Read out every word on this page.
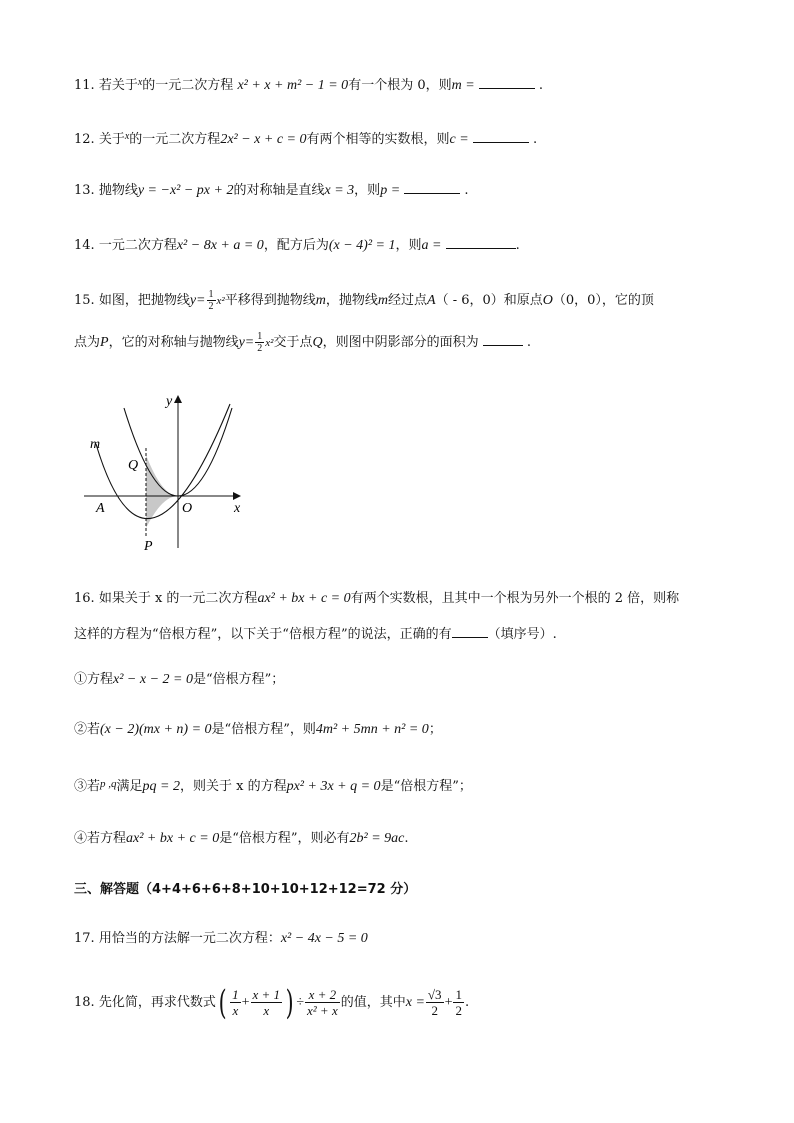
11. 若关于$^x$的一元二次方程 x² + x + m² − 1 = 0有一个根为 0，则m =	.
12. 关于$^x$的一元二次方程2x² − x + c = 0有两个相等的实数根，则c =	.
13. 抛物线y = −x² − px + 2的对称轴是直线x = 3，则p =	.
14. 一元二次方程x² − 8x + a = 0，配方后为(x − 4)² = 1，则a =	.
15. 如图，把抛物线$y= \frac{1}{2} x^2$平移得到抛物线m，抛物线m经过点A（ - 6，0）和原点O（0，0），它的顶
点为P，它的对称轴与抛物线$y= \frac{1}{2} x^2$交于点Q，则图中阴影部分的面积为	.
y
x
m
Q
A	O
P
16. 如果关于 x 的一元二次方程ax² + bx + c = 0有两个实数根，且其中一个根为另外一个根的 2 倍，则称
这样的方程为“倍根方程”，以下关于“倍根方程”的说法，正确的有	（填序号）.
①方程x² − x − 2 = 0是“倍根方程”；
②若(x − 2)(mx + n) = 0是“倍根方程”，则4m² + 5mn + n² = 0；
③若$^{p ,q}$满足pq = 2，则关于 x 的方程px² + 3x + q = 0是“倍根方程”；
④若方程ax² + bx + c = 0是“倍根方程”，则必有2b² = 9ac.
三、解答题（4+4+6+6+8+10+10+12+12=72 分）
17. 用恰当的方法解一元二次方程：x² − 4x − 5 = 0
18. 先化简，再求代数式( $\frac{1}{x} + \frac{x + 1}{x}$ ) ÷ $\frac{x + 2}{\text{x² + x}}$ 的值，其中$x = \frac{√3}{2} + \frac{1}{2}$ .
